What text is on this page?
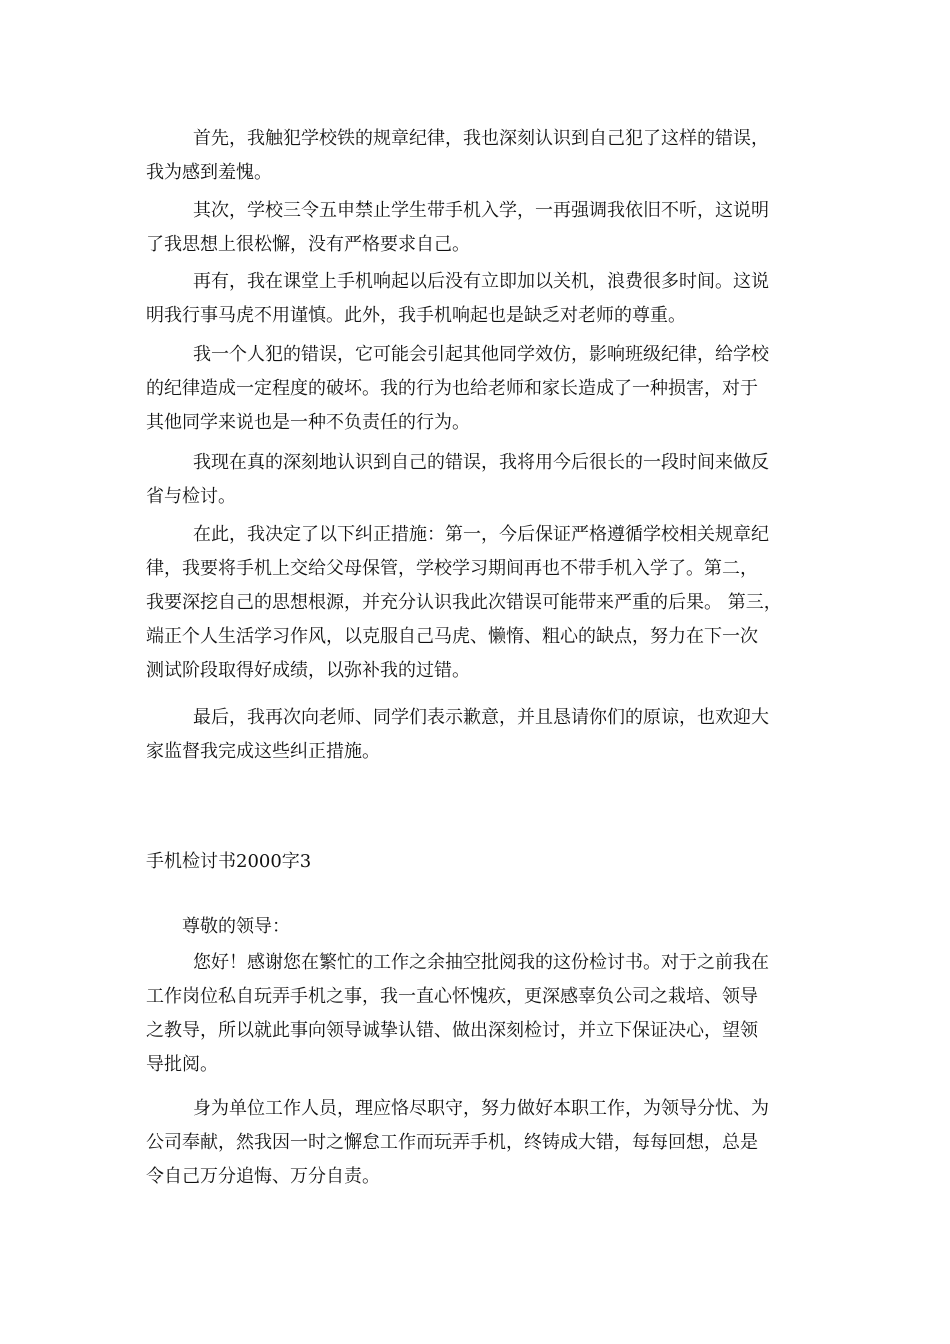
首先，我触犯学校铁的规章纪律，我也深刻认识到自己犯了这样的错误，
我为感到羞愧。
其次，学校三令五申禁止学生带手机入学，一再强调我依旧不听，这说明
了我思想上很松懈，没有严格要求自己。
再有，我在课堂上手机响起以后没有立即加以关机，浪费很多时间。这说
明我行事马虎不用谨慎。此外，我手机响起也是缺乏对老师的尊重。
我一个人犯的错误，它可能会引起其他同学效仿，影响班级纪律，给学校
的纪律造成一定程度的破坏。我的行为也给老师和家长造成了一种损害，对于
其他同学来说也是一种不负责任的行为。
我现在真的深刻地认识到自己的错误，我将用今后很长的一段时间来做反
省与检讨。
在此，我决定了以下纠正措施：第一，今后保证严格遵循学校相关规章纪
律，我要将手机上交给父母保管，学校学习期间再也不带手机入学了。第二，
我要深挖自己的思想根源，并充分认识我此次错误可能带来严重的后果。 第三，
端正个人生活学习作风，以克服自己马虎、懒惰、粗心的缺点，努力在下一次
测试阶段取得好成绩，以弥补我的过错。
最后，我再次向老师、同学们表示歉意，并且恳请你们的原谅，也欢迎大
家监督我完成这些纠正措施。
手机检讨书2000字3
尊敬的领导：
您好！感谢您在繁忙的工作之余抽空批阅我的这份检讨书。对于之前我在
工作岗位私自玩弄手机之事，我一直心怀愧疚，更深感辜负公司之栽培、领导
之教导，所以就此事向领导诚挚认错、做出深刻检讨，并立下保证决心，望领
导批阅。
身为单位工作人员，理应恪尽职守，努力做好本职工作，为领导分忧、为
公司奉献，然我因一时之懈怠工作而玩弄手机，终铸成大错，每每回想，总是
令自己万分追悔、万分自责。
